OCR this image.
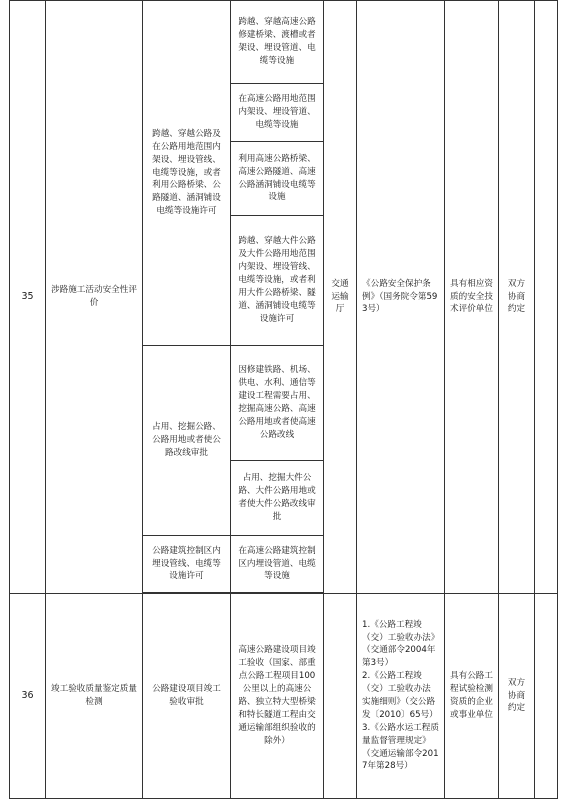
35	涉路施工活动安全性评价	跨越、穿越公路及在公路用地范围内架设、埋设管线、电缆等设施，或者利用公路桥梁、公路隧道、涵洞铺设电缆等设施许可	跨越、穿越高速公路修建桥梁、渡槽或者架设、埋设管道、电缆等设施	交通运输厅	《公路安全保护条例》（国务院令第593号）	具有相应资质的安全技术评价单位	双方协商约定	
			在高速公路用地范围内架设、埋设管道、电缆等设施					
			利用高速公路桥梁、高速公路隧道、高速公路涵洞铺设电缆等设施					
			跨越、穿越大件公路及大件公路用地范围内架设、埋设管线、电缆等设施，或者利用大件公路桥梁、隧道、涵洞铺设电缆等设施许可					
		占用、挖掘公路、公路用地或者使公路改线审批	因修建铁路、机场、供电、水利、通信等建设工程需要占用、挖掘高速公路、高速公路用地或者使高速公路改线					
			占用、挖掘大件公路、大件公路用地或者使大件公路改线审批					
		公路建筑控制区内埋设管线、电缆等设施许可	在高速公路建筑控制区内埋设管道、电缆等设施					

36	竣工验收质量鉴定质量检测	公路建设项目竣工验收审批	高速公路建设项目竣工验收（国家、部重点公路工程项目100公里以上的高速公路、独立特大型桥梁和特长隧道工程由交通运输部组织验收的除外）		1.《公路工程竣（交）工验收办法》（交通部令2004年第3号）
2.《公路工程竣（交）工验收办法实施细则》（交公路发〔2010〕65号）
3.《公路水运工程质量监督管理规定》（交通运输部令2017年第28号）	具有公路工程试验检测资质的企业或事业单位	双方协商约定	
